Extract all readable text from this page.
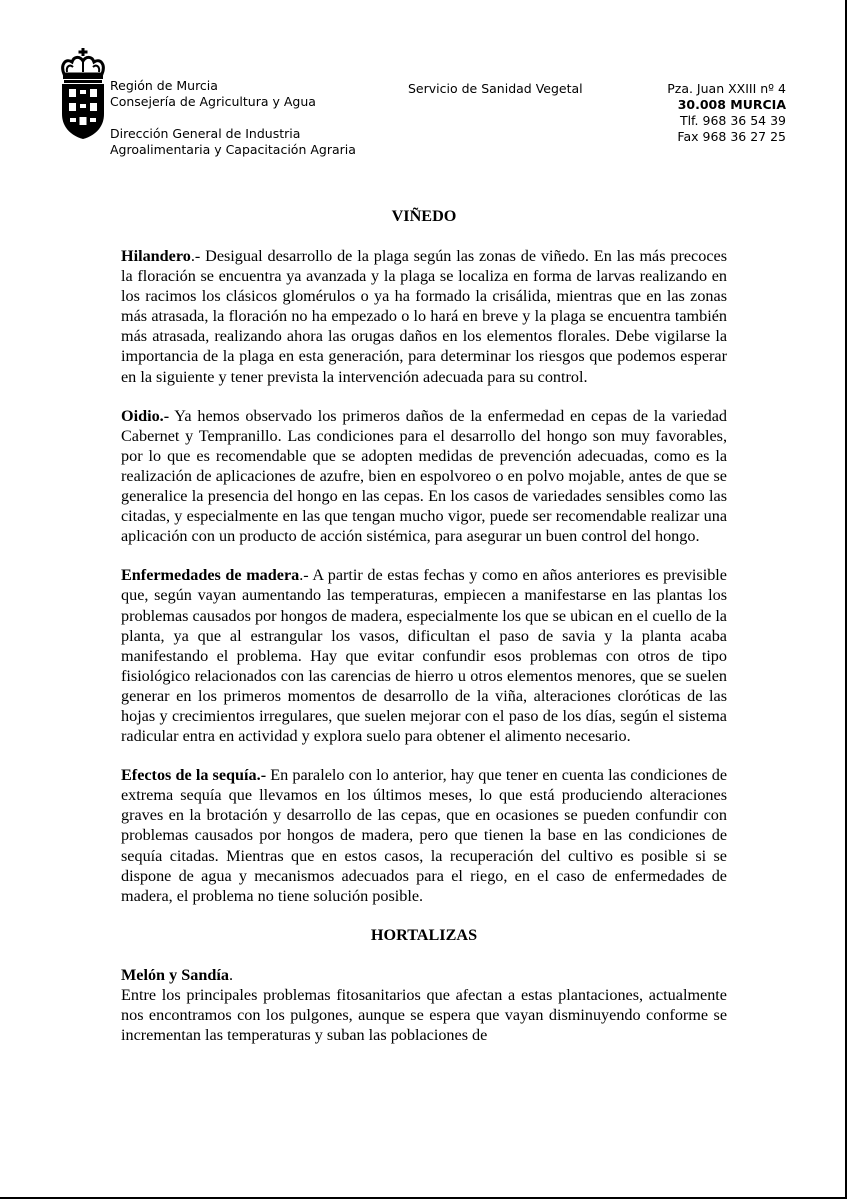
Región de Murcia
Consejería de Agricultura y Agua
Dirección General de Industria
Agroalimentaria y Capacitación Agraria
Servicio de Sanidad Vegetal	Pza. Juan XXIII nº 4
30.008 MURCIA
Tlf. 968 36 54 39
Fax 968 36 27 25
VIÑEDO

Hilandero.- Desigual desarrollo de la plaga según las zonas de viñedo. En las más precoces la floración se encuentra ya avanzada y la plaga se localiza en forma de larvas realizando en los racimos los clásicos glomérulos o ya ha formado la crisálida, mientras que en las zonas más atrasada, la floración no ha empezado o lo hará en breve y la plaga se encuentra también más atrasada, realizando ahora las orugas daños en los elementos florales. Debe vigilarse la importancia de la plaga en esta generación, para determinar los riesgos que podemos esperar en la siguiente y tener prevista la intervención adecuada para su control.

Oidio.- Ya hemos observado los primeros daños de la enfermedad en cepas de la variedad Cabernet y Tempranillo. Las condiciones para el desarrollo del hongo son muy favorables, por lo que es recomendable que se adopten medidas de prevención adecuadas, como es la realización de aplicaciones de azufre, bien en espolvoreo o en polvo mojable, antes de que se generalice la presencia del hongo en las cepas. En los casos de variedades sensibles como las citadas, y especialmente en las que tengan mucho vigor, puede ser recomendable realizar una aplicación con un producto de acción sistémica, para asegurar un buen control del hongo.

Enfermedades de madera.- A partir de estas fechas y como en años anteriores es previsible que, según vayan aumentando las temperaturas, empiecen a manifestarse en las plantas los problemas causados por hongos de madera, especialmente los que se ubican en el cuello de la planta, ya que al estrangular los vasos, dificultan el paso de savia y la planta acaba manifestando el problema. Hay que evitar confundir esos problemas con otros de tipo fisiológico relacionados con las carencias de hierro u otros elementos menores, que se suelen generar en los primeros momentos de desarrollo de la viña, alteraciones cloróticas de las hojas y crecimientos irregulares, que suelen mejorar con el paso de los días, según el sistema radicular entra en actividad y explora suelo para obtener el alimento necesario.

Efectos de la sequía.- En paralelo con lo anterior, hay que tener en cuenta las condiciones de extrema sequía que llevamos en los últimos meses, lo que está produciendo alteraciones graves en la brotación y desarrollo de las cepas, que en ocasiones se pueden confundir con problemas causados por hongos de madera, pero que tienen la base en las condiciones de sequía citadas. Mientras que en estos casos, la recuperación del cultivo es posible si se dispone de agua y mecanismos adecuados para el riego, en el caso de enfermedades de madera, el problema no tiene solución posible.

HORTALIZAS
Melón y Sandía.

Entre los principales problemas fitosanitarios que afectan a estas plantaciones, actualmente nos encontramos con los pulgones, aunque se espera que vayan disminuyendo conforme se incrementan las temperaturas y suban las poblaciones de
